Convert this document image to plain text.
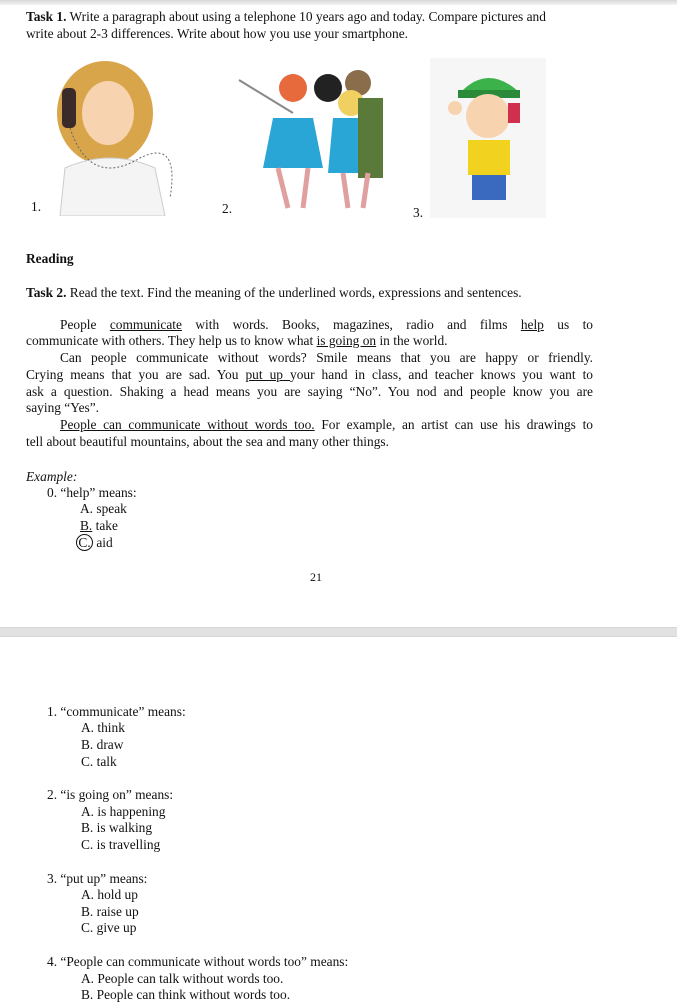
Task 1. Write a paragraph about using a telephone 10 years ago and today. Compare pictures and
write about 2-3 differences. Write about how you use your smartphone.
1.	2.	3.
Reading
Task 2. Read the text. Find the meaning of the underlined words, expressions and sentences.
People communicate with words. Books, magazines, radio and films help us to
communicate with others. They help us to know what is going on in the world.
Can people communicate without words? Smile means that you are happy or friendly.
Crying means that you are sad. You put up your hand in class, and teacher knows you want to
ask a question. Shaking a head means you are saying “No”. You nod and people know you are
saying “Yes”.
People can communicate without words too. For example, an artist can use his drawings to
tell about beautiful mountains, about the sea and many other things.
Example:
0. “help” means:
A. speak
B. take
C. aid
21
1. “communicate” means:
A. think
B. draw
C. talk
2. “is going on” means:
A. is happening
B. is walking
C. is travelling
3. “put up” means:
A. hold up
B. raise up
C. give up
4. “People can communicate without words too” means:
A. People can talk without words too.
B. People can think without words too.
